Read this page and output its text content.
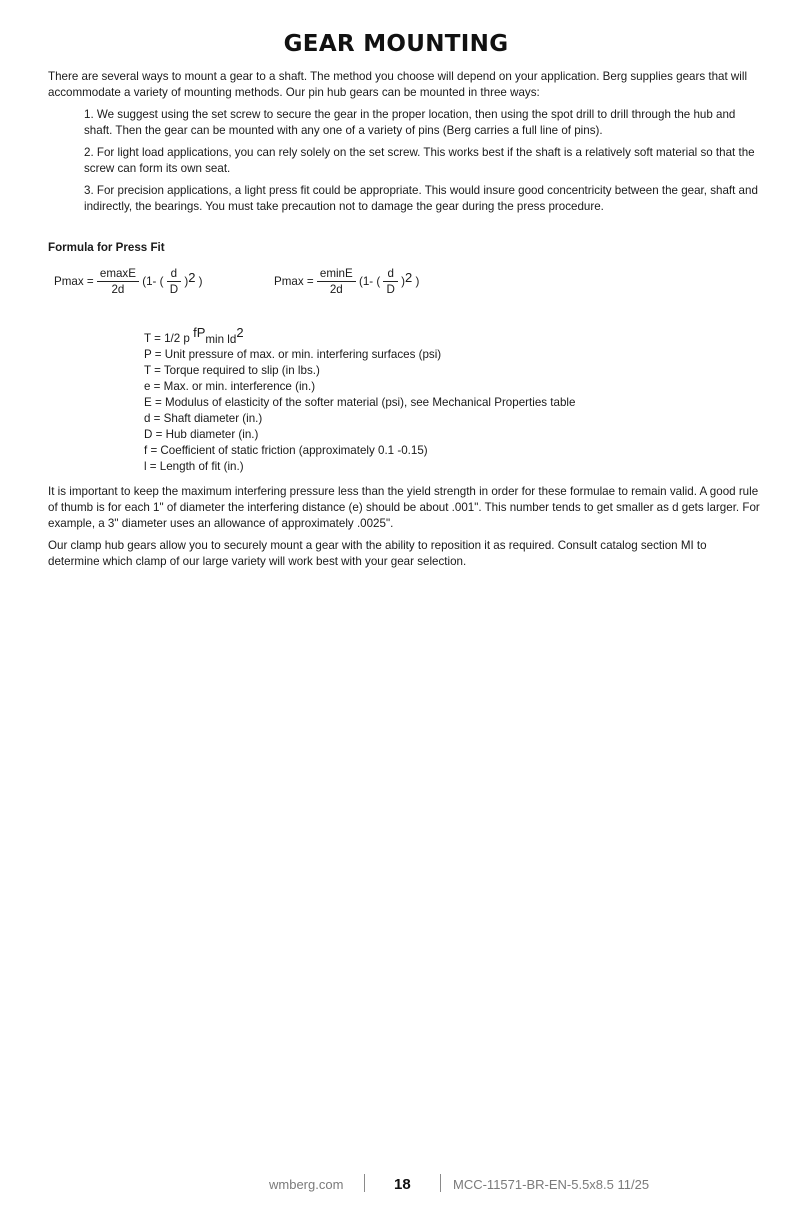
GEAR MOUNTING

There are several ways to mount a gear to a shaft. The method you choose will depend on your application. Berg supplies gears that will accommodate a variety of mounting methods. Our pin hub gears can be mounted in three ways:

1. We suggest using the set screw to secure the gear in the proper location, then using the spot drill to drill through the hub and shaft. Then the gear can be mounted with any one of a variety of pins (Berg carries a full line of pins).
2. For light load applications, you can rely solely on the set screw. This works best if the shaft is a relatively soft material so that the screw can form its own seat.
3. For precision applications, a light press fit could be appropriate. This would insure good concentricity between the gear, shaft and indirectly, the bearings. You must take precaution not to damage the gear during the press procedure.
Formula for Press Fit
$Pmax = \frac{emaxE}{2d} (1-$ ( $\frac{d}{D} )2$ )	$Pmax = \frac{eminE}{2d} (1-$ ( $\frac{d}{D} )2$ )
T = 1/2 p fPmin ld2
P = Unit pressure of max. or min. interfering surfaces (psi)
T = Torque required to slip (in lbs.)
e = Max. or min. interference (in.)
E = Modulus of elasticity of the softer material (psi), see Mechanical Properties table
d = Shaft diameter (in.)
D = Hub diameter (in.)
f = Coefficient of static friction (approximately 0.1 -0.15)
l = Length of fit (in.)

It is important to keep the maximum interfering pressure less than the yield strength in order for these formulae to remain valid. A good rule of thumb is for each 1" of diameter the interfering distance (e) should be about .001". This number tends to get smaller as d gets larger. For example, a 3" diameter uses an allowance of approximately .0025".

Our clamp hub gears allow you to securely mount a gear with the ability to reposition it as required. Consult catalog section MI to determine which clamp of our large variety will work best with your gear selection.

wmberg.com	18	MCC-11571-BR-EN-5.5x8.5 11/25
